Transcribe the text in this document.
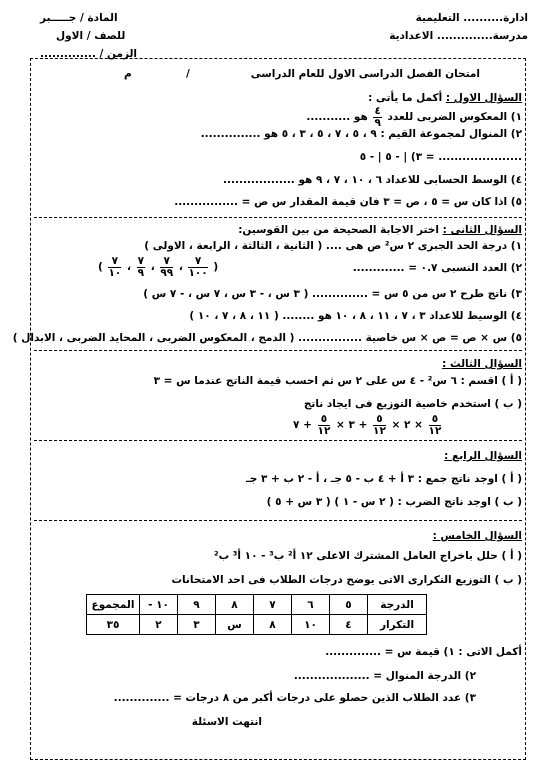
ادارة.......... التعليمية
مدرسة.............. الاعدادية
المادة / جـــــبر
للصف / الاول
الزمن / ..............
م	/	امتحان الفصل الدراسى الاول للعام الدراسى
السؤال الاول : أكمل ما يأتى :
١) المعكوس الضربى للعدد
$\frac{٤}{٩}$
هو ...........
٢) المنوال لمجموعة القيم : ٩ ، ٥ ، ٧ ، ٥ ، ٣ ، ٥ هو ...............
٣) | - ٥ | - ٥ = .....................
٤) الوسط الحسابى للاعداد ٦ ، ١٠ ، ٧ ، ٩ هو ..................
٥) اذا كان س = ٥ ، ص = ٣ فان قيمة المقدار س ص = ................
السؤال الثانى : اختر الاجابة الصحيحة من بين القوسين:
١) درجة الحد الجبرى ٢ س² ص هى .... ( الثانية ، الثالثة ، الرابعة ، الاولى )
٢) العدد النسبى ٠.٧ = .............
( $\frac{٧}{١٠}$ ، $\frac{٧}{٩}$ ، $\frac{٧}{٩٩}$ ، $\frac{٧}{١٠٠}$ )
٣) ناتج طرح ٢ س من ٥ س = .............. ( ٣ س ، - ٣ س ، ٧ س ، - ٧ س )
٤) الوسيط للاعداد ٣ ، ٧ ، ١١ ، ٨ ، ١٠ هو ........ ( ١١ ، ٨ ، ٧ ، ١٠ )
٥) س × ص = ص × س خاصية ................ ( الدمج ، المعكوس الضربى ، المحايد الضربى ، الابدال )
السؤال الثالث :
( أ ) اقسم : ٦ س² - ٤ س على ٢ س ثم احسب قيمة الناتج عندما س = ٣
( ب ) استخدم خاصية التوزيع فى ايجاد ناتج
٢ ×
$\frac{٥}{١٢}$
+ ٣ ×
$\frac{٥}{١٢}$
+ ٧ × $\frac{٥}{١٢}$
السؤال الرابع :
( أ ) اوجد ناتج جمع : ٣ أ + ٤ ب - ٥ جـ ، أ - ٢ ب + ٣ جـ
( ب ) اوجد ناتج الضرب : ( ٢ س - ١ ) ( ٣ س + ٥ )
السؤال الخامس :
( أ ) حلل باخراج العامل المشترك الاعلى ١٢ أ² ب³ - ١٠ أ³ ب²
( ب ) التوزيع التكرارى الاتى يوضح درجات الطلاب فى احد الامتحانات
الدرجة	٥	٦	٧	٨	٩	١٠ -	المجموع
التكرار	٤	١٠	٨	س	٣	٢	٣٥
أكمل الاتى : ١) قيمة س = ..............
٢) الدرجة المنوال = ...................
٣) عدد الطلاب الذين حصلو على درجات أكبر من ٨ درجات = ..............
انتهت الاسئلة
